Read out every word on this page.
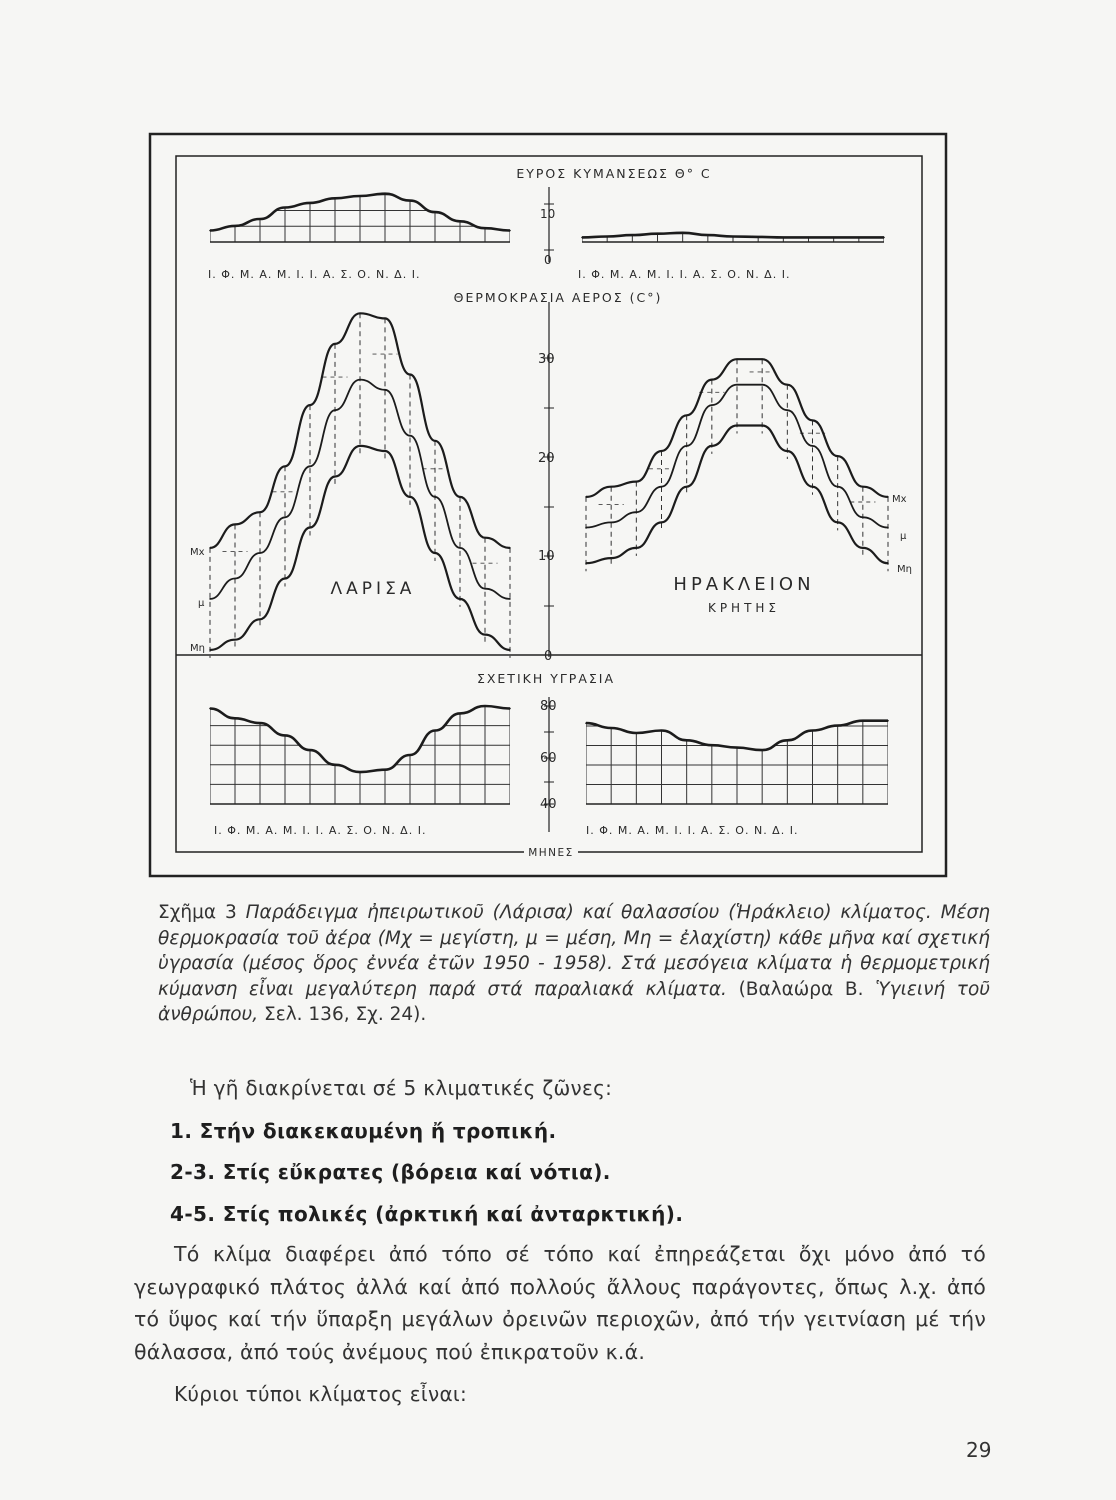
ΕΥΡΟΣ ΚΥΜΑΝΣΕΩΣ Θ° C
ΘΕΡΜΟΚΡΑΣΙΑ ΑΕΡΟΣ (C°)
ΣΧΕΤΙΚΗ ΥΓΡΑΣΙΑ
ΜΗΝΕΣ
10
0
30
20
10
0
80
60
40
Ι. Φ. Μ. Α. Μ. Ι. Ι. Α. Σ. Ο. Ν. Δ. Ι.	Ι. Φ. Μ. Α. Μ. Ι. Ι. Α. Σ. Ο. Ν. Δ. Ι.
Ι. Φ. Μ. Α. Μ. Ι. Ι. Α. Σ. Ο. Ν. Δ. Ι.	Ι. Φ. Μ. Α. Μ. Ι. Ι. Α. Σ. Ο. Ν. Δ. Ι.
ΛΑΡΙΣΑ	ΗΡΑΚΛΕΙΟΝ
ΚΡΗΤΗΣ
Μx
μ
Μη
Μx
μ
Μη
Σχῆμα 3 Παράδειγμα ἠπειρωτικοῦ (Λάρισα) καί θαλασσίου (Ἡράκλειο) κλίματος. Μέση θερμοκρασία τοῦ ἀέρα (Μχ = μεγίστη, μ = μέση, Μη = ἐλαχίστη) κάθε μῆνα καί σχετική ὑγρασία (μέσος ὅρος ἐννέα ἐτῶν 1950 - 1958). Στά μεσόγεια κλίματα ἡ θερμομετρική κύμανση εἶναι μεγαλύτερη παρά στά παραλιακά κλίματα. (Βαλαώρα Β. Ὑγιεινή τοῦ ἀνθρώπου, Σελ. 136, Σχ. 24).
Ἡ γῆ διακρίνεται σέ 5 κλιματικές ζῶνες:
1. Στήν διακεκαυμένη ἤ τροπική.
2-3. Στίς εὔκρατες (βόρεια καί νότια).
4-5. Στίς πολικές (ἀρκτική καί ἀνταρκτική).
Τό κλίμα διαφέρει ἀπό τόπο σέ τόπο καί ἐπηρεάζεται ὄχι μόνο ἀπό τό γεωγραφικό πλάτος ἀλλά καί ἀπό πολλούς ἄλλους παράγοντες, ὅπως λ.χ. ἀπό τό ὕψος καί τήν ὕπαρξη μεγάλων ὀρεινῶν περιοχῶν, ἀπό τήν γειτνίαση μέ τήν θάλασσα, ἀπό τούς ἀνέμους πού ἐπικρατοῦν κ.ά.
Κύριοι τύποι κλίματος εἶναι:
29
